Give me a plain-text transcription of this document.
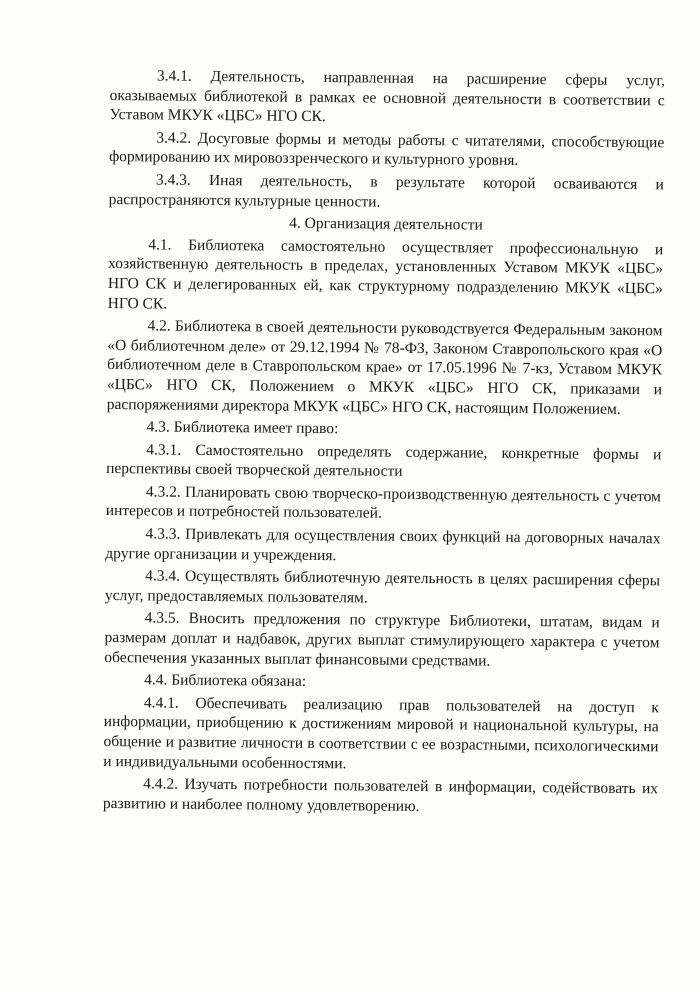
3.4.1. Деятельность, направленная на расширение сферы услуг, оказываемых библиотекой в рамках ее основной деятельности в соответствии с Уставом МКУК «ЦБС» НГО СК.

3.4.2. Досуговые формы и методы работы с читателями, способствующие формированию их мировоззренческого и культурного уровня.

3.4.3. Иная деятельность, в результате которой осваиваются и распространяются культурные ценности.

4. Организация деятельности

4.1. Библиотека самостоятельно осуществляет профессиональную и хозяйственную деятельность в пределах, установленных Уставом МКУК «ЦБС» НГО СК и делегированных ей, как структурному подразделению МКУК «ЦБС» НГО СК.

4.2. Библиотека в своей деятельности руководствуется Федеральным законом «О библиотечном деле» от 29.12.1994 № 78-ФЗ, Законом Ставропольского края «О библиотечном деле в Ставропольском крае» от 17.05.1996 № 7-кз, Уставом МКУК «ЦБС» НГО СК, Положением о МКУК «ЦБС» НГО СК, приказами и распоряжениями директора МКУК «ЦБС» НГО СК, настоящим Положением.

4.3. Библиотека имеет право:

4.3.1. Самостоятельно определять содержание, конкретные формы и перспективы своей творческой деятельности

4.3.2. Планировать свою творческо-производственную деятельность с учетом интересов и потребностей пользователей.

4.3.3. Привлекать для осуществления своих функций на договорных началах другие организации и учреждения.

4.3.4. Осуществлять библиотечную деятельность в целях расширения сферы услуг, предоставляемых пользователям.

4.3.5. Вносить предложения по структуре Библиотеки, штатам, видам и размерам доплат и надбавок, других выплат стимулирующего характера с учетом обеспечения указанных выплат финансовыми средствами.

4.4. Библиотека обязана:

4.4.1. Обеспечивать реализацию прав пользователей на доступ к информации, приобщению к достижениям мировой и национальной культуры, на общение и развитие личности в соответствии с ее возрастными, психологическими и индивидуальными особенностями.

4.4.2. Изучать потребности пользователей в информации, содействовать их развитию и наиболее полному удовлетворению.
